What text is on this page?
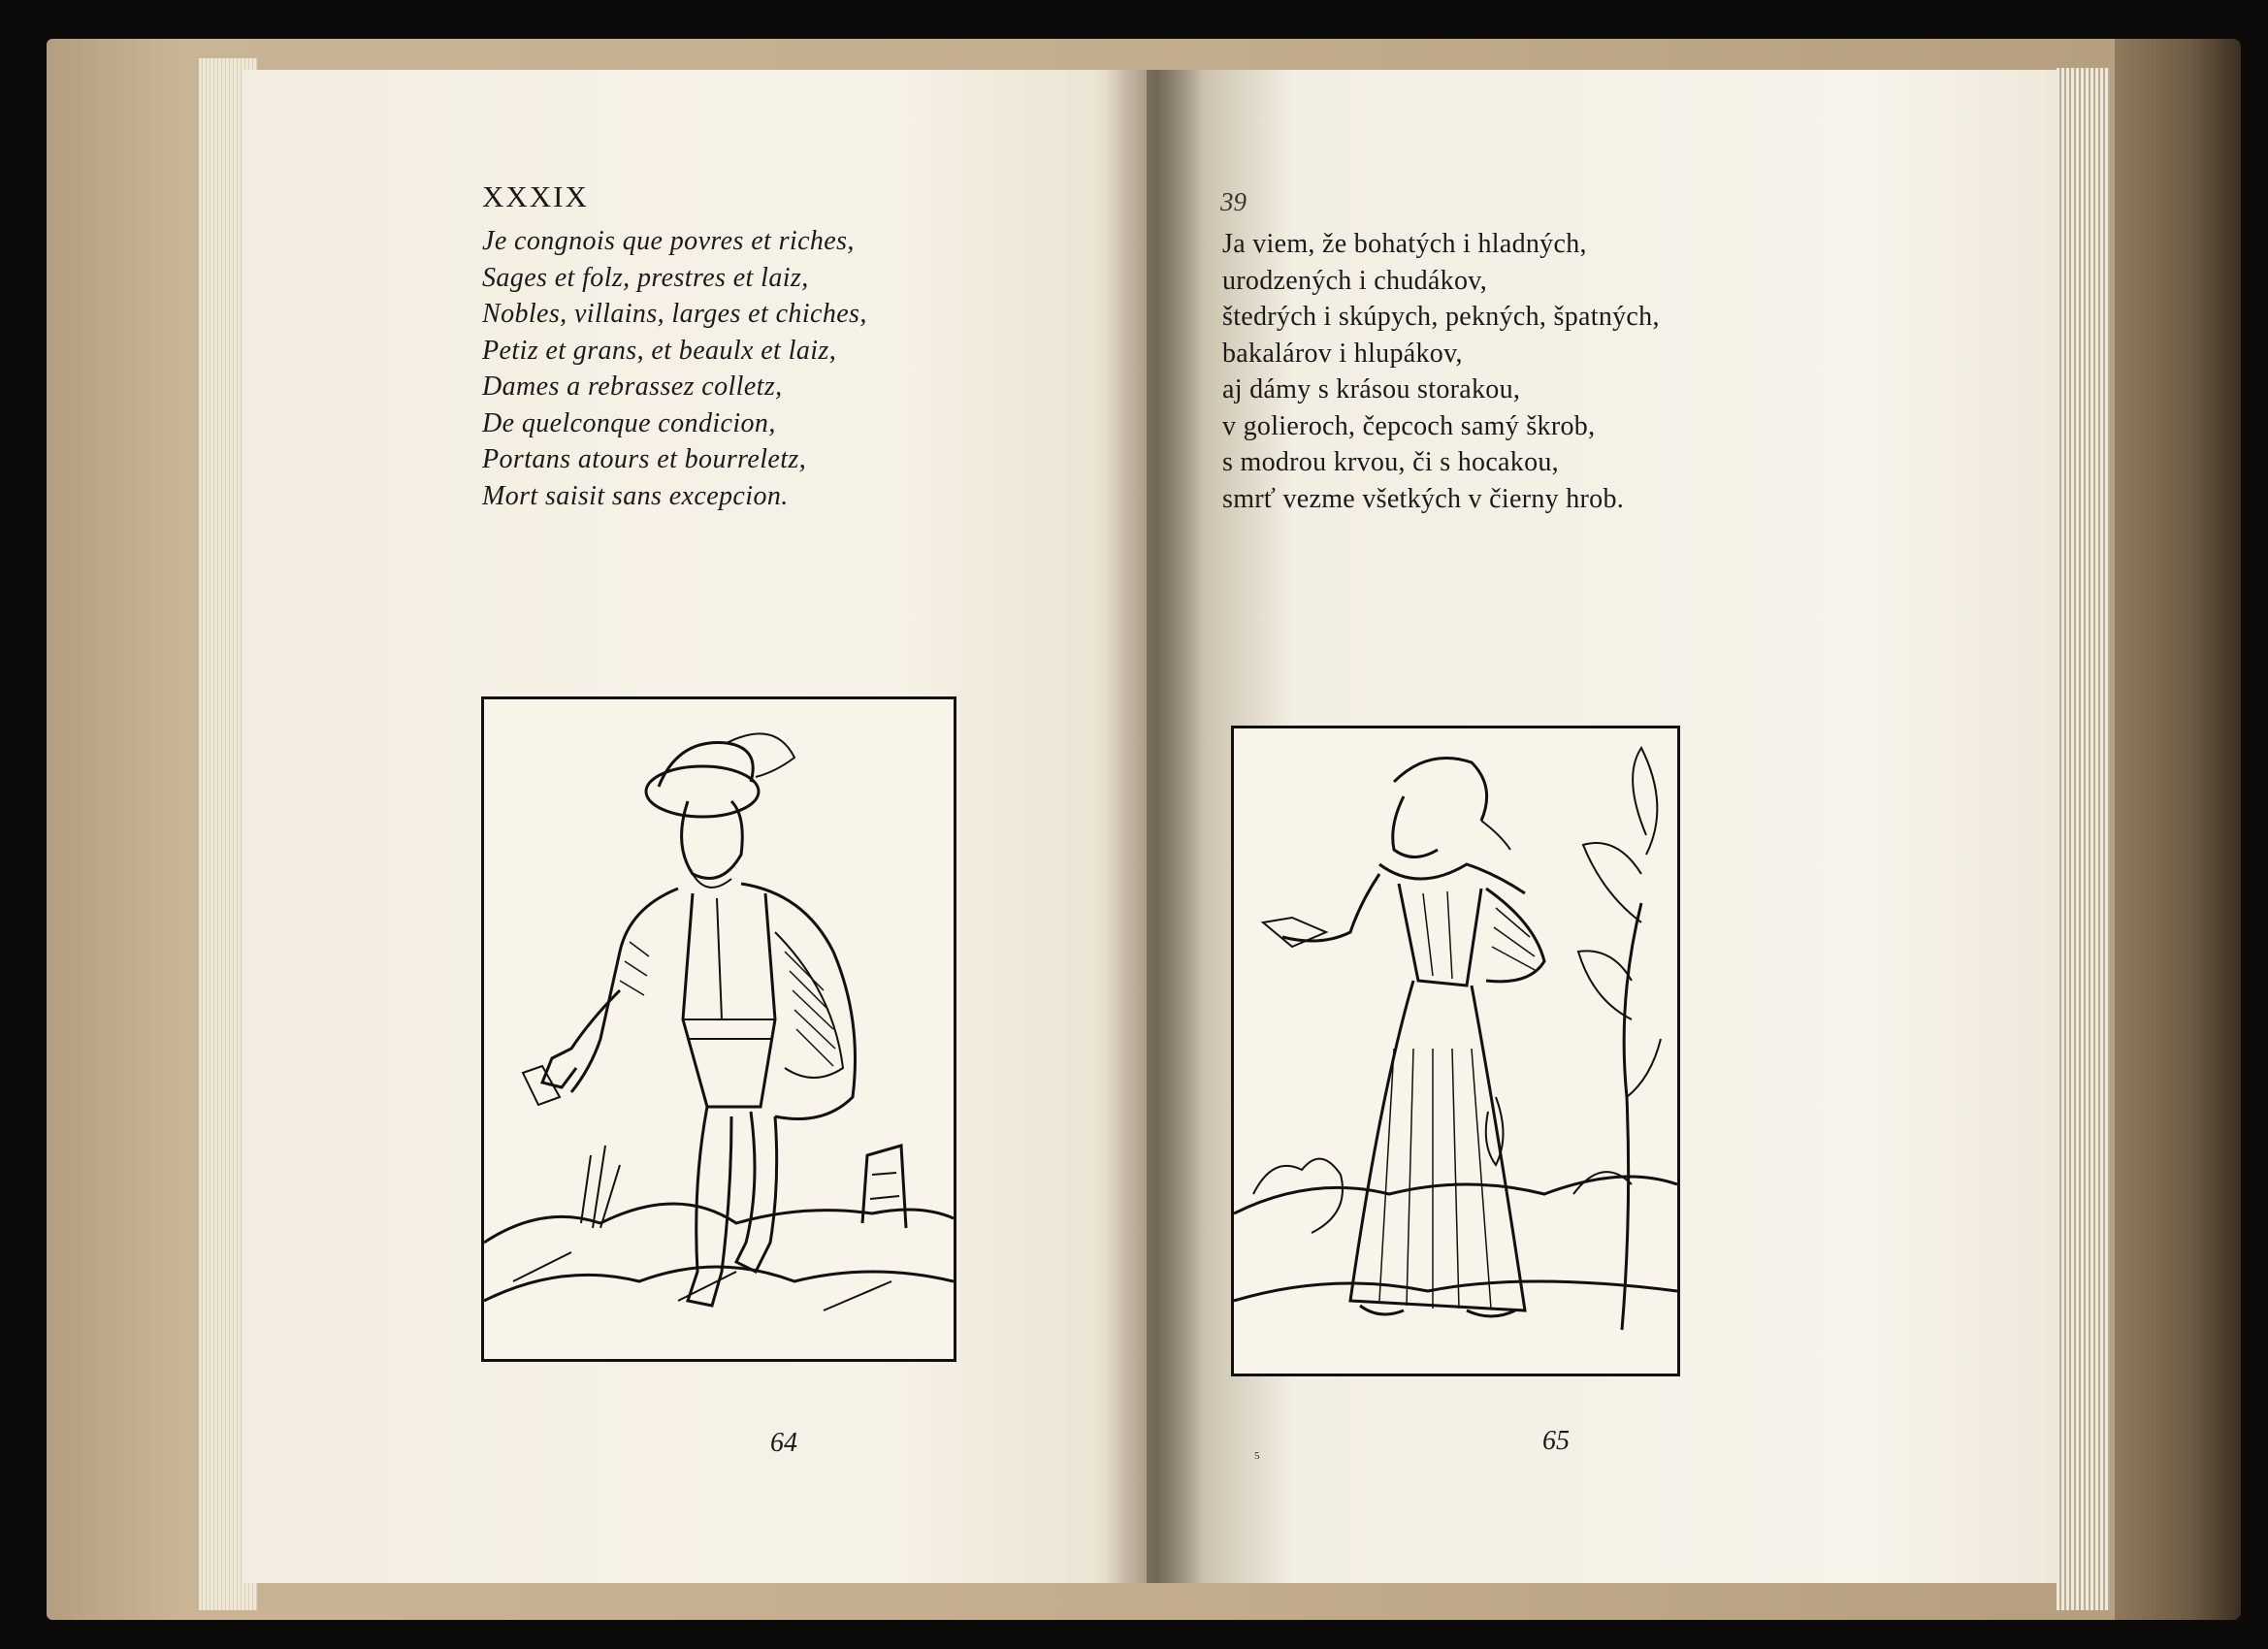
XXXIX
Je congnois que povres et riches,
Sages et folz, prestres et laiz,
Nobles, villains, larges et chiches,
Petiz et grans, et beaulx et laiz,
Dames a rebrassez colletz,
De quelconque condicion,
Portans atours et bourreletz,
Mort saisit sans excepcion.
64
39
Ja viem, že bohatých i hladných,
urodzených i chudákov,
štedrých i skúpych, pekných, špatných,
bakalárov i hlupákov,
aj dámy s krásou storakou,
v golieroch, čepcoch samý škrob,
s modrou krvou, či s hocakou,
smrť vezme všetkých v čierny hrob.
5	65
